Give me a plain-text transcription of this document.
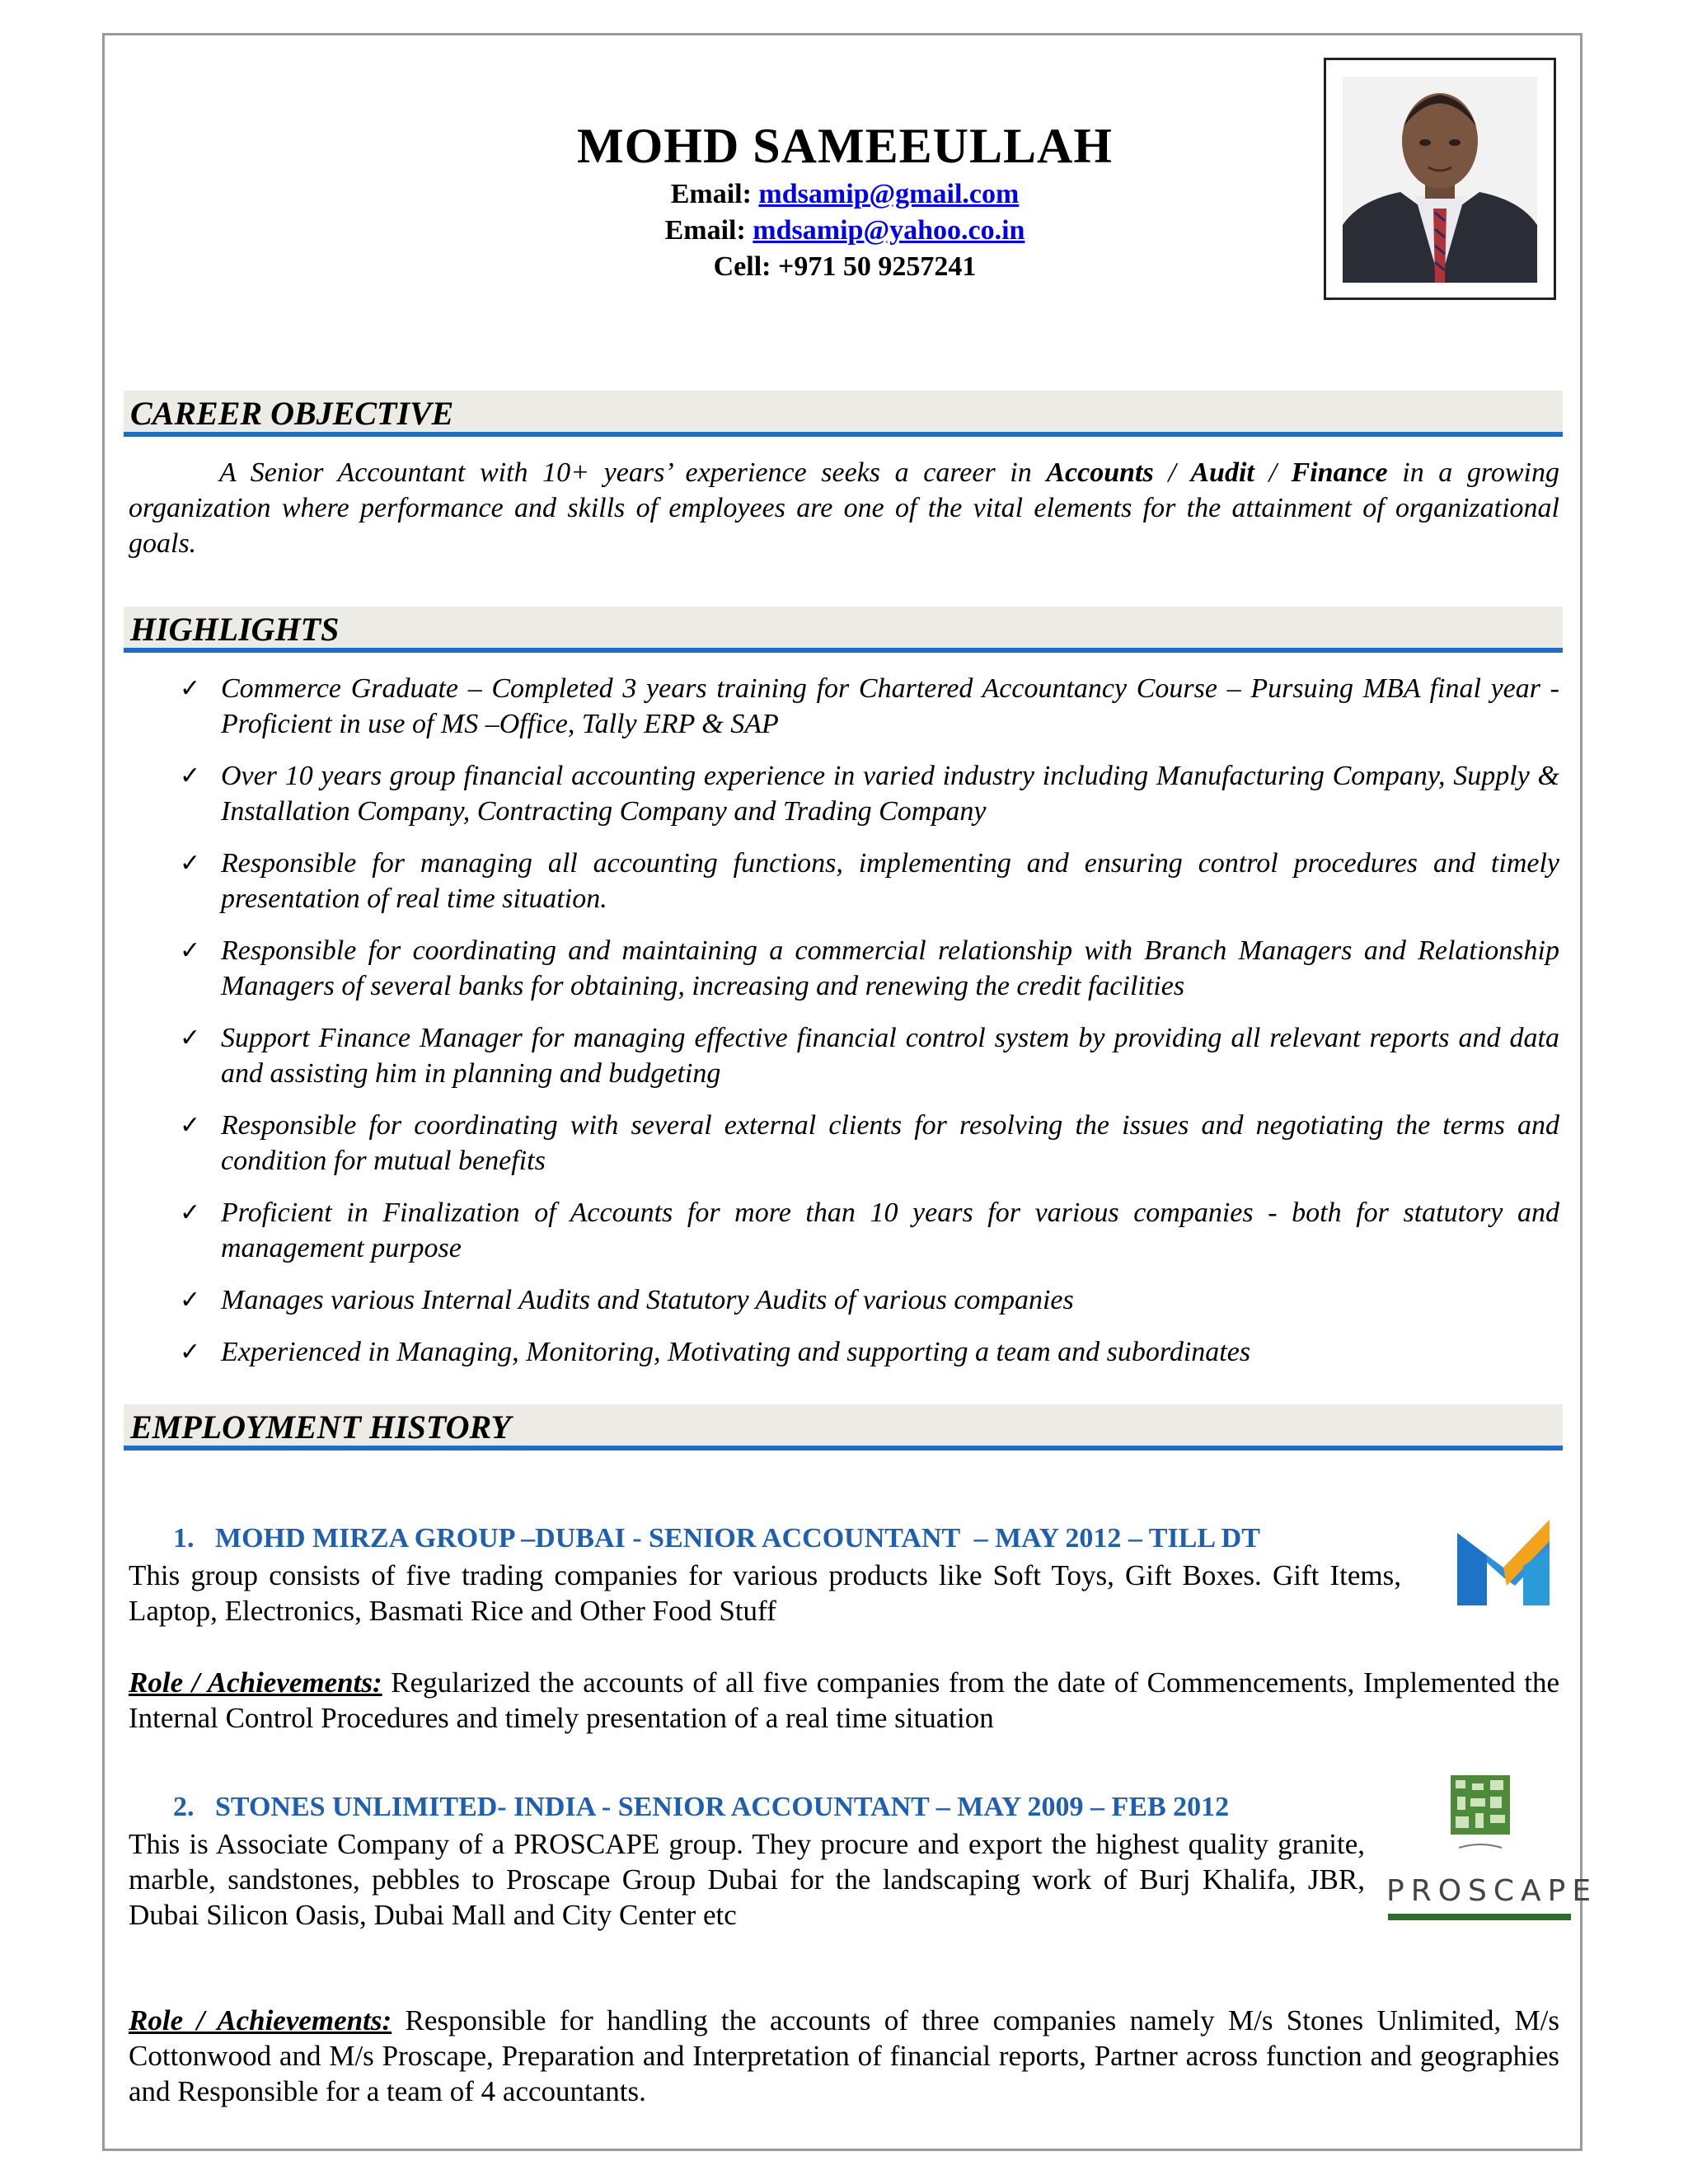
MOHD SAMEEULLAH
Email: mdsamip@gmail.com
Email: mdsamip@yahoo.co.in
Cell: +971 50 9257241
CAREER OBJECTIVE

A Senior Accountant with 10+ years’ experience seeks a career in Accounts / Audit / Finance in a growing organization where performance and skills of employees are one of the vital elements for the attainment of organizational goals.

HIGHLIGHTS
✓ Commerce Graduate – Completed 3 years training for Chartered Accountancy Course – Pursuing MBA final year - Proficient in use of MS –Office, Tally ERP & SAP
✓ Over 10 years group financial accounting experience in varied industry including Manufacturing Company, Supply & Installation Company, Contracting Company and Trading Company
✓ Responsible for managing all accounting functions, implementing and ensuring control procedures and timely presentation of real time situation.
✓ Responsible for coordinating and maintaining a commercial relationship with Branch Managers and Relationship Managers of several banks for obtaining, increasing and renewing the credit facilities
✓ Support Finance Manager for managing effective financial control system by providing all relevant reports and data and assisting him in planning and budgeting
✓ Responsible for coordinating with several external clients for resolving the issues and negotiating the terms and condition for mutual benefits
✓ Proficient in Finalization of Accounts for more than 10 years for various companies - both for statutory and management purpose
✓ Manages various Internal Audits and Statutory Audits of various companies
✓ Experienced in Managing, Monitoring, Motivating and supporting a team and subordinates
EMPLOYMENT HISTORY
1.   MOHD MIRZA GROUP –DUBAI - SENIOR ACCOUNTANT  – MAY 2012 – TILL DT

This group consists of five trading companies for various products like Soft Toys, Gift Boxes. Gift Items, Laptop, Electronics, Basmati Rice and Other Food Stuff

Role / Achievements: Regularized the accounts of all five companies from the date of Commencements, Implemented the Internal Control Procedures and timely presentation of a real time situation

2.   STONES UNLIMITED- INDIA - SENIOR ACCOUNTANT – MAY 2009 – FEB 2012

This is Associate Company of a PROSCAPE group. They procure and export the highest quality granite, marble, sandstones, pebbles to Proscape Group Dubai for the landscaping work of Burj Khalifa, JBR, Dubai Silicon Oasis, Dubai Mall and City Center etc

Role / Achievements: Responsible for handling the accounts of three companies namely M/s Stones Unlimited, M/s Cottonwood and M/s Proscape, Preparation and Interpretation of financial reports, Partner across function and geographies and Responsible for a team of 4 accountants.

PROSCAPE
